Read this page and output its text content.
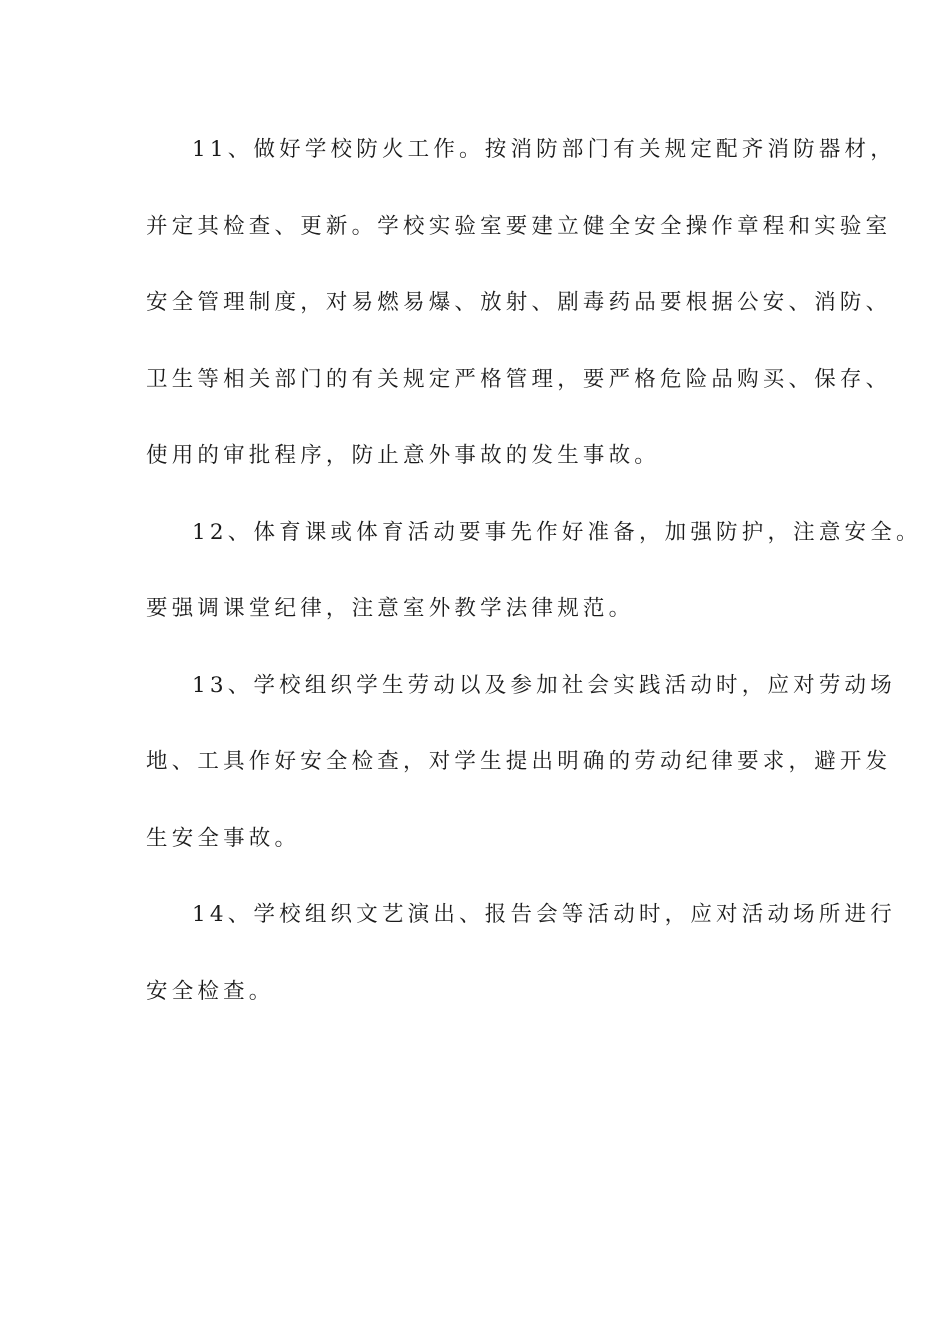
11、做好学校防火工作。按消防部门有关规定配齐消防器材，
并定其检查、更新。学校实验室要建立健全安全操作章程和实验室
安全管理制度，对易燃易爆、放射、剧毒药品要根据公安、消防、
卫生等相关部门的有关规定严格管理，要严格危险品购买、保存、
使用的审批程序，防止意外事故的发生事故。
12、体育课或体育活动要事先作好准备，加强防护，注意安全。
要强调课堂纪律，注意室外教学法律规范。
13、学校组织学生劳动以及参加社会实践活动时，应对劳动场
地、工具作好安全检查，对学生提出明确的劳动纪律要求，避开发
生安全事故。
14、学校组织文艺演出、报告会等活动时，应对活动场所进行
安全检查。
